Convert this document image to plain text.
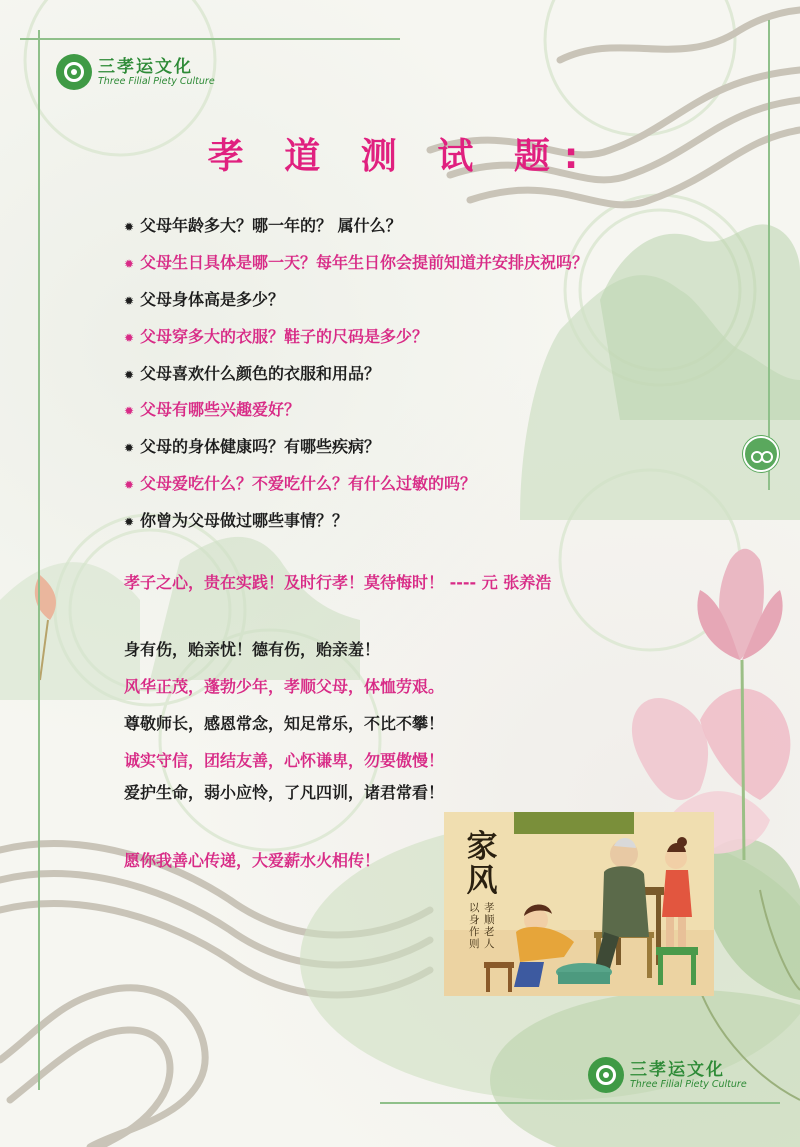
三孝运文化
Three Filial Piety Culture
孝 道 测 试 题:
✹ 父母年龄多大？哪一年的？ 属什么？
✹ 父母生日具体是哪一天？每年生日你会提前知道并安排庆祝吗？
✹ 父母身体高是多少？
✹ 父母穿多大的衣服？鞋子的尺码是多少？
✹ 父母喜欢什么颜色的衣服和用品？
✹ 父母有哪些兴趣爱好？
✹ 父母的身体健康吗？有哪些疾病？
✹ 父母爱吃什么？不爱吃什么？有什么过敏的吗？
✹ 你曾为父母做过哪些事情？？
孝子之心，贵在实践！及时行孝！莫待悔时！ ---- 元 张养浩
身有伤，贻亲忧！德有伤，贻亲羞！
风华正茂，蓬勃少年，孝顺父母，体恤劳艰。
尊敬师长，感恩常念，知足常乐，不比不攀！
诚实守信，团结友善，心怀谦卑，勿要傲慢！
爱护生命，弱小应怜，了凡四训，诸君常看！
愿你我善心传递，大爱薪水火相传！	家风
孝顺老人
以身作则
三孝运文化
Three Filial Piety Culture
